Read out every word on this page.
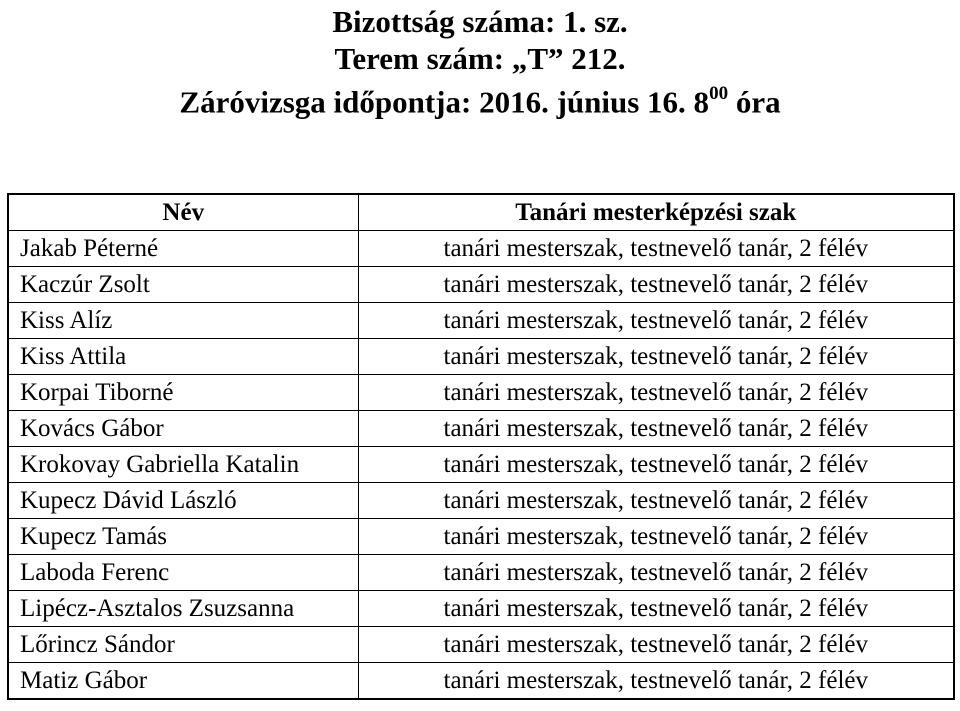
Bizottság száma: 1. sz.
Terem szám: „T” 212.
Záróvizsga időpontja: 2016. június 16. $8^{00}$ óra
Név	Tanári mesterképzési szak
Jakab Péterné	tanári mesterszak, testnevelő tanár, 2 félév
Kaczúr Zsolt	tanári mesterszak, testnevelő tanár, 2 félév
Kiss Alíz	tanári mesterszak, testnevelő tanár, 2 félév
Kiss Attila	tanári mesterszak, testnevelő tanár, 2 félév
Korpai Tiborné	tanári mesterszak, testnevelő tanár, 2 félév
Kovács Gábor	tanári mesterszak, testnevelő tanár, 2 félév
Krokovay Gabriella Katalin	tanári mesterszak, testnevelő tanár, 2 félév
Kupecz Dávid László	tanári mesterszak, testnevelő tanár, 2 félév
Kupecz Tamás	tanári mesterszak, testnevelő tanár, 2 félév
Laboda Ferenc	tanári mesterszak, testnevelő tanár, 2 félév
Lipécz-Asztalos Zsuzsanna	tanári mesterszak, testnevelő tanár, 2 félév
Lőrincz Sándor	tanári mesterszak, testnevelő tanár, 2 félév
Matiz Gábor	tanári mesterszak, testnevelő tanár, 2 félév
